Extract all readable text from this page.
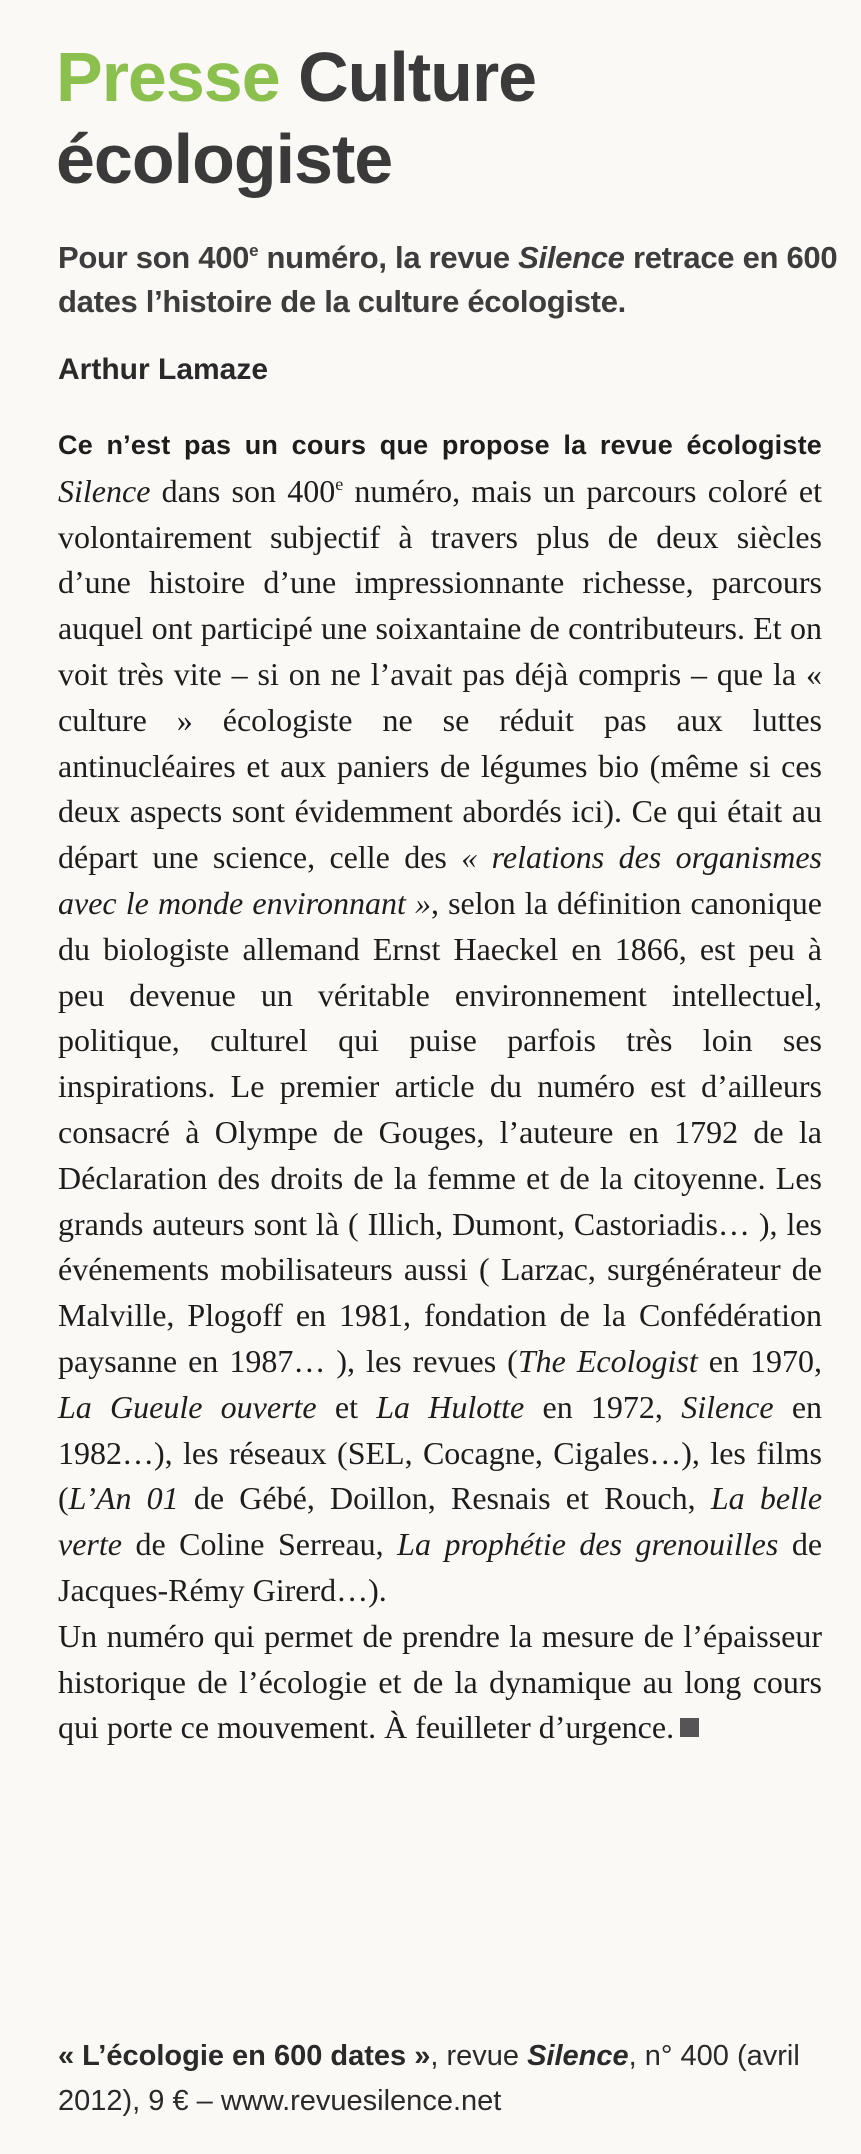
Presse Culture
écologiste

Pour son 400e numéro, la revue Silence retrace en 600 dates l’histoire de la culture écologiste.

Arthur Lamaze

Ce n’est pas un cours que propose la revue écologiste Silence dans son 400e numéro, mais un parcours coloré et volontairement subjectif à travers plus de deux siècles d’une histoire d’une impressionnante richesse, parcours auquel ont participé une soixantaine de contributeurs. Et on voit très vite – si on ne l’avait pas déjà compris – que la « culture » écologiste ne se réduit pas aux luttes antinucléaires et aux paniers de légumes bio (même si ces deux aspects sont évidemment abordés ici). Ce qui était au départ une science, celle des « relations des organismes avec le monde environnant », selon la définition canonique du biologiste allemand Ernst Haeckel en 1866, est peu à peu devenue un véritable environnement intellectuel, politique, culturel qui puise parfois très loin ses inspirations. Le premier article du numéro est d’ailleurs consacré à Olympe de Gouges, l’auteure en 1792 de la Déclaration des droits de la femme et de la citoyenne. Les grands auteurs sont là ( Illich, Dumont, Castoriadis… ), les événements mobilisateurs aussi ( Larzac, surgénérateur de Malville, Plogoff en 1981, fondation de la Confédération paysanne en 1987… ), les revues (The Ecologist en 1970, La Gueule ouverte et La Hulotte en 1972, Silence en 1982…), les réseaux (SEL, Cocagne, Cigales…), les films (L’An 01 de Gébé, Doillon, Resnais et Rouch, La belle verte de Coline Serreau, La prophétie des grenouilles de Jacques-Rémy Girerd…).

Un numéro qui permet de prendre la mesure de l’épaisseur historique de l’écologie et de la dynamique au long cours qui porte ce mouvement. À feuilleter d’urgence.

« L’écologie en 600 dates », revue Silence, n° 400 (avril 2012), 9 € – www.revuesilence.net
